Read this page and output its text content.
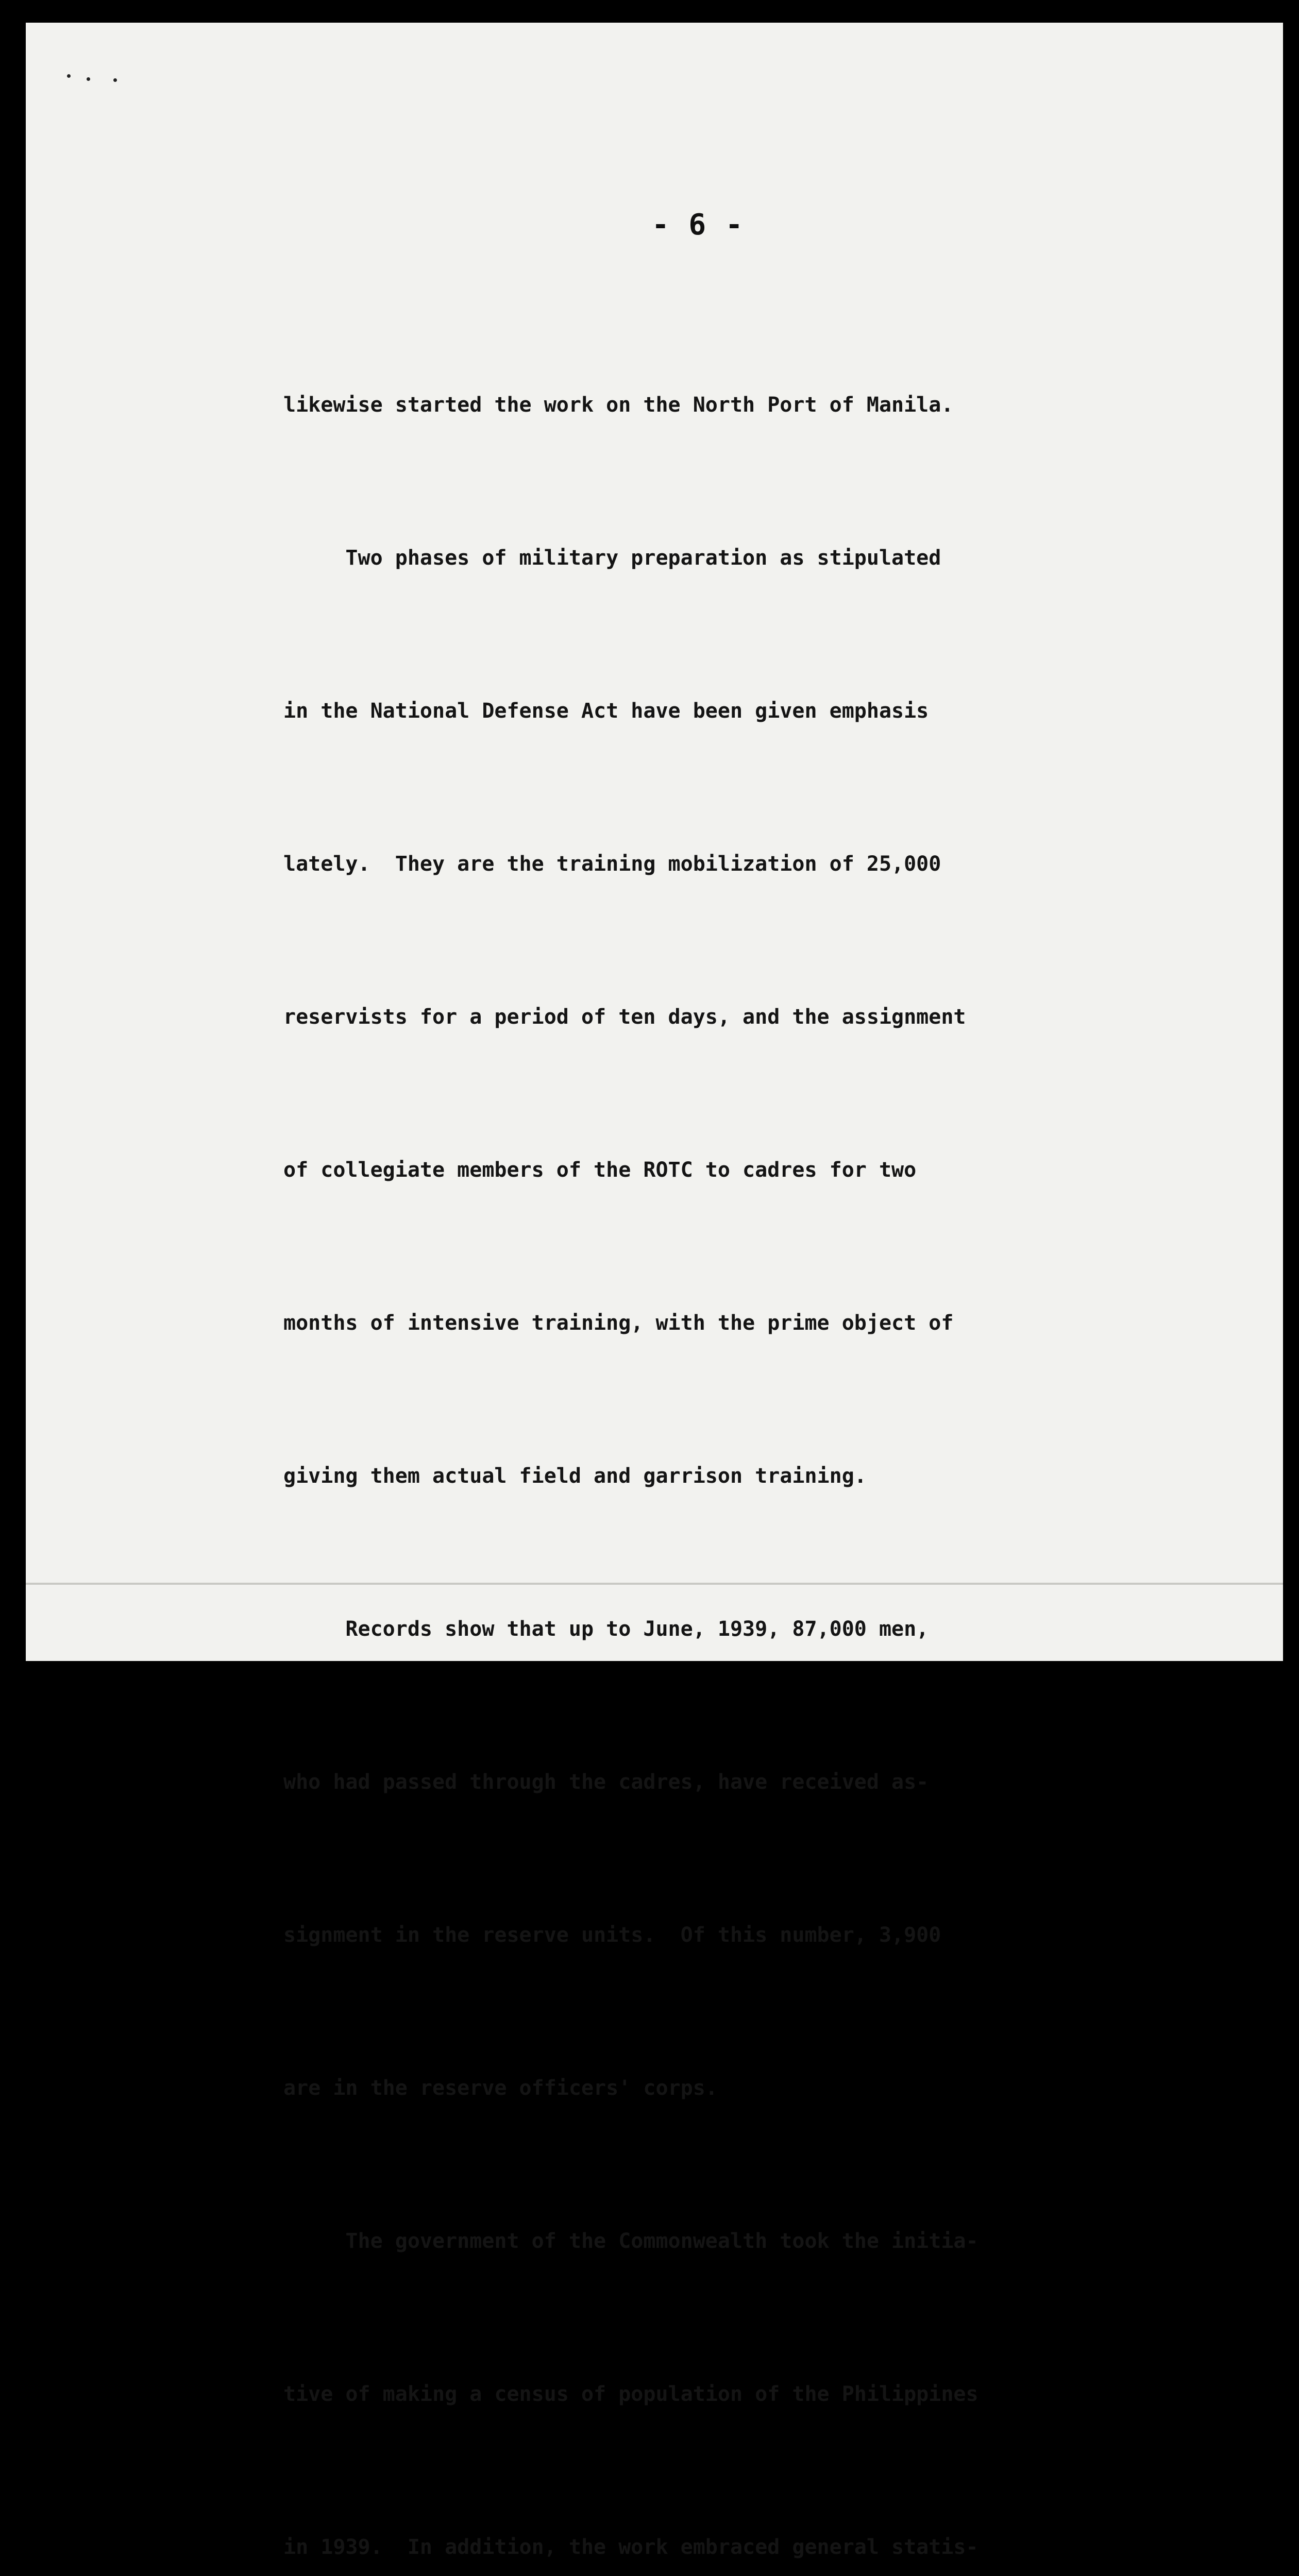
- 6 -

likewise started the work on the North Port of Manila.

Two phases of military preparation as stipulated

in the National Defense Act have been given emphasis

lately.  They are the training mobilization of 25,000

reservists for a period of ten days, and the assignment

of collegiate members of the ROTC to cadres for two

months of intensive training, with the prime object of

giving them actual field and garrison training.

Records show that up to June, 1939, 87,000 men,

who had passed through the cadres, have received as-

signment in the reserve units.  Of this number, 3,900

are in the reserve officers' corps.

The government of the Commonwealth took the initia-

tive of making a census of population of the Philippines

in 1939.  In addition, the work embraced general statis-
